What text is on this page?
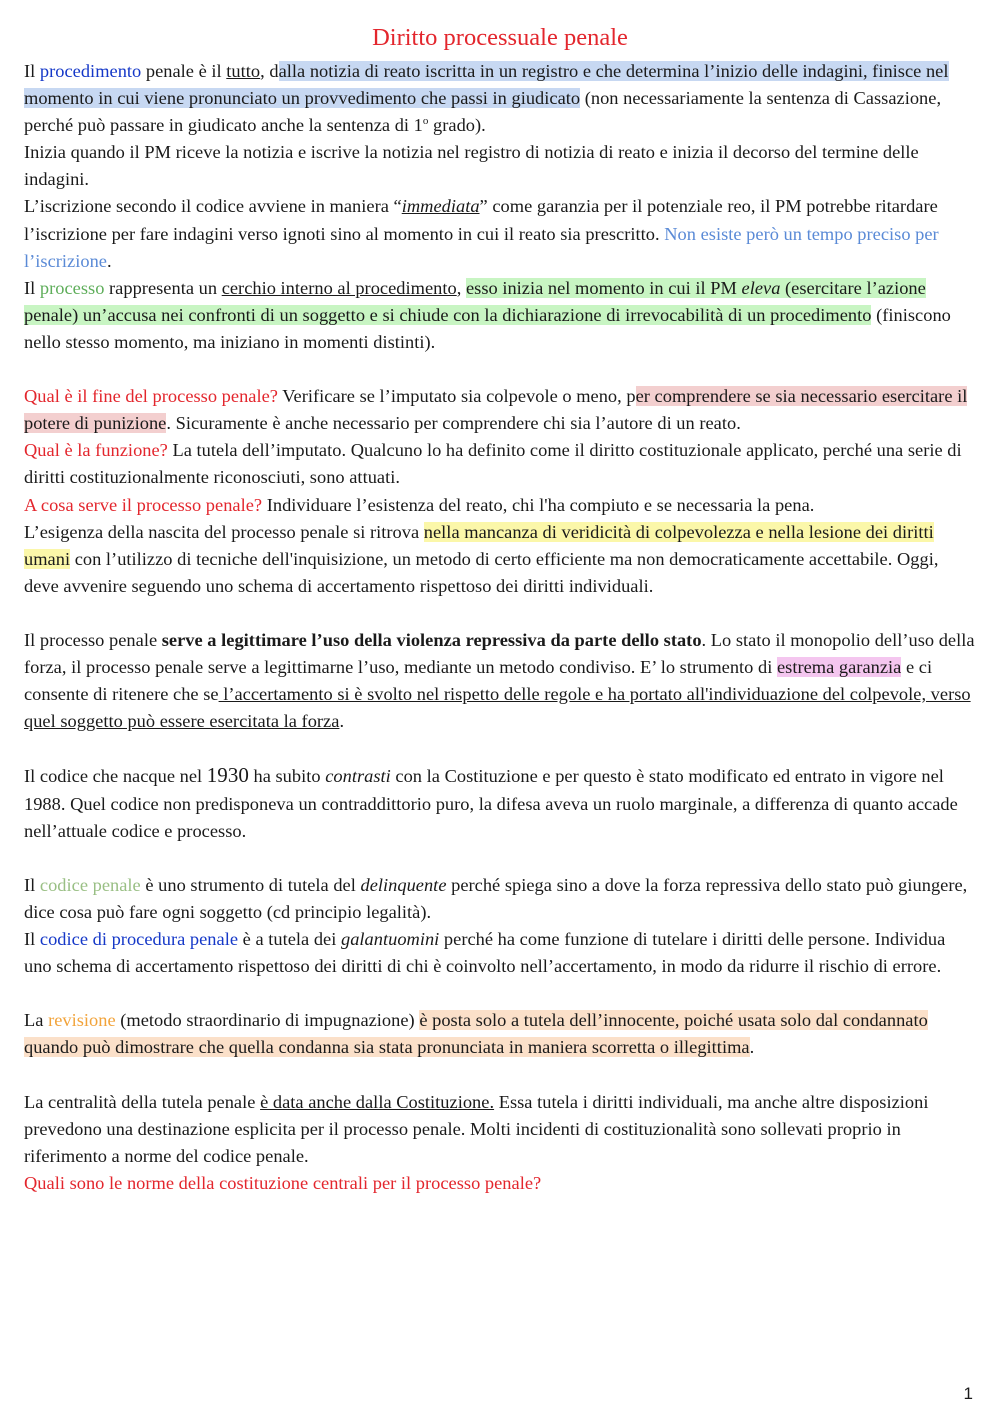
Diritto processuale penale

Il procedimento penale è il tutto, dalla notizia di reato iscritta in un registro e che determina l’inizio delle indagini, finisce nel momento in cui viene pronunciato un provvedimento che passi in giudicato (non necessariamente la sentenza di Cassazione, perché può passare in giudicato anche la sentenza di 1$^o$ grado).

Inizia quando il PM riceve la notizia e iscrive la notizia nel registro di notizia di reato e inizia il decorso del termine delle indagini.

L’iscrizione secondo il codice avviene in maniera “immediata” come garanzia per il potenziale reo, il PM potrebbe ritardare l’iscrizione per fare indagini verso ignoti sino al momento in cui il reato sia prescritto. Non esiste però un tempo preciso per l’iscrizione.

Il processo rappresenta un cerchio interno al procedimento, esso inizia nel momento in cui il PM eleva (esercitare l’azione penale) un’accusa nei confronti di un soggetto e si chiude con la dichiarazione di irrevocabilità di un procedimento (finiscono nello stesso momento, ma iniziano in momenti distinti).

Qual è il fine del processo penale? Verificare se l’imputato sia colpevole o meno, per comprendere se sia necessario esercitare il potere di punizione. Sicuramente è anche necessario per comprendere chi sia l’autore di un reato.

Qual è la funzione? La tutela dell’imputato. Qualcuno lo ha definito come il diritto costituzionale applicato, perché una serie di diritti costituzionalmente riconosciuti, sono attuati.

A cosa serve il processo penale? Individuare l’esistenza del reato, chi l'ha compiuto e se necessaria la pena.

L’esigenza della nascita del processo penale si ritrova nella mancanza di veridicità di colpevolezza e nella lesione dei diritti umani con l’utilizzo di tecniche dell'inquisizione, un metodo di certo efficiente ma non democraticamente accettabile. Oggi, deve avvenire seguendo uno schema di accertamento rispettoso dei diritti individuali.

Il processo penale serve a legittimare l’uso della violenza repressiva da parte dello stato. Lo stato il monopolio dell’uso della forza, il processo penale serve a legittimarne l’uso, mediante un metodo condiviso. E’ lo strumento di estrema garanzia e ci consente di ritenere che se l’accertamento si è svolto nel rispetto delle regole e ha portato all'individuazione del colpevole, verso quel soggetto può essere esercitata la forza.

Il codice che nacque nel 1930 ha subito contrasti con la Costituzione e per questo è stato modificato ed entrato in vigore nel 1988. Quel codice non predisponeva un contraddittorio puro, la difesa aveva un ruolo marginale, a differenza di quanto accade nell’attuale codice e processo.

Il codice penale è uno strumento di tutela del delinquente perché spiega sino a dove la forza repressiva dello stato può giungere, dice cosa può fare ogni soggetto (cd principio legalità).

Il codice di procedura penale è a tutela dei galantuomini perché ha come funzione di tutelare i diritti delle persone. Individua uno schema di accertamento rispettoso dei diritti di chi è coinvolto nell’accertamento, in modo da ridurre il rischio di errore.

La revisione (metodo straordinario di impugnazione) è posta solo a tutela dell’innocente, poiché usata solo dal condannato quando può dimostrare che quella condanna sia stata pronunciata in maniera scorretta o illegittima.

La centralità della tutela penale è data anche dalla Costituzione. Essa tutela i diritti individuali, ma anche altre disposizioni prevedono una destinazione esplicita per il processo penale. Molti incidenti di costituzionalità sono sollevati proprio in riferimento a norme del codice penale.

Quali sono le norme della costituzione centrali per il processo penale?

1
